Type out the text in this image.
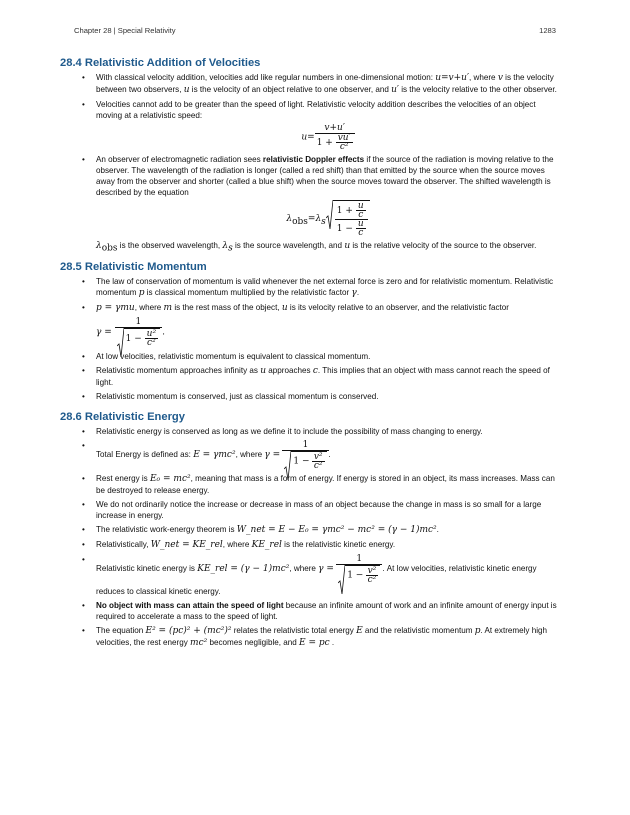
Chapter 28 | Special Relativity	1283
28.4 Relativistic Addition of Velocities
• With classical velocity addition, velocities add like regular numbers in one-dimensional motion: u=v+u′, where v is the velocity between two observers, u is the velocity of an object relative to one observer, and u′ is the velocity relative to the other observer.
• Velocities cannot add to be greater than the speed of light. Relativistic velocity addition describes the velocities of an object moving at a relativistic speed:
$u= \frac{v+u'}{1 + \frac{vu'}{\text{c²}}}$
• An observer of electromagnetic radiation sees relativistic Doppler effects if the source of the radiation is moving relative to the observer. The wavelength of the radiation is longer (called a red shift) than that emitted by the source when the source moves away from the observer and shorter (called a blue shift) when the source moves toward the observer. The shifted wavelength is described by the equation
$\lambda_{obs}=\lambda_s \frac{1 + \frac{u}{c}}{1 - \frac{u}{c}}$
$\lambda_{obs}$ is the observed wavelength, $\lambda_s$ is the source wavelength, and u is the relative velocity of the source to the observer.
28.5 Relativistic Momentum
• The law of conservation of momentum is valid whenever the net external force is zero and for relativistic momentum. Relativistic momentum p is classical momentum multiplied by the relativistic factor γ.
• p = γmu, where m is the rest mass of the object, u is its velocity relative to an observer, and the relativistic factor
$\gamma = \frac{1}{1 - \frac{\text{u²}}{\text{c²}}}$ .
• At low velocities, relativistic momentum is equivalent to classical momentum.
• Relativistic momentum approaches infinity as u approaches c. This implies that an object with mass cannot reach the speed of light.
• Relativistic momentum is conserved, just as classical momentum is conserved.
28.6 Relativistic Energy
• Relativistic energy is conserved as long as we define it to include the possibility of mass changing to energy.
• Total Energy is defined as: E = γmc², where $\gamma = \frac{1}{1 - \frac{\text{v²}}{\text{c²}}}$ .
• Rest energy is E₀ = mc², meaning that mass is a form of energy. If energy is stored in an object, its mass increases. Mass can be destroyed to release energy.
• We do not ordinarily notice the increase or decrease in mass of an object because the change in mass is so small for a large increase in energy.
• The relativistic work-energy theorem is W_net = E − E₀ = γmc² − mc² = (γ − 1)mc².
• Relativistically, W_net = KE_rel, where KE_rel is the relativistic kinetic energy.
• Relativistic kinetic energy is KE_rel = (γ − 1)mc², where $\gamma = \frac{1}{1 - \frac{\text{v²}}{\text{c²}}}$ . At low velocities, relativistic kinetic energy
reduces to classical kinetic energy.
• No object with mass can attain the speed of light because an infinite amount of work and an infinite amount of energy input is required to accelerate a mass to the speed of light.
• The equation E² = (pc)² + (mc²)² relates the relativistic total energy E and the relativistic momentum p. At extremely high velocities, the rest energy mc² becomes negligible, and E = pc .
